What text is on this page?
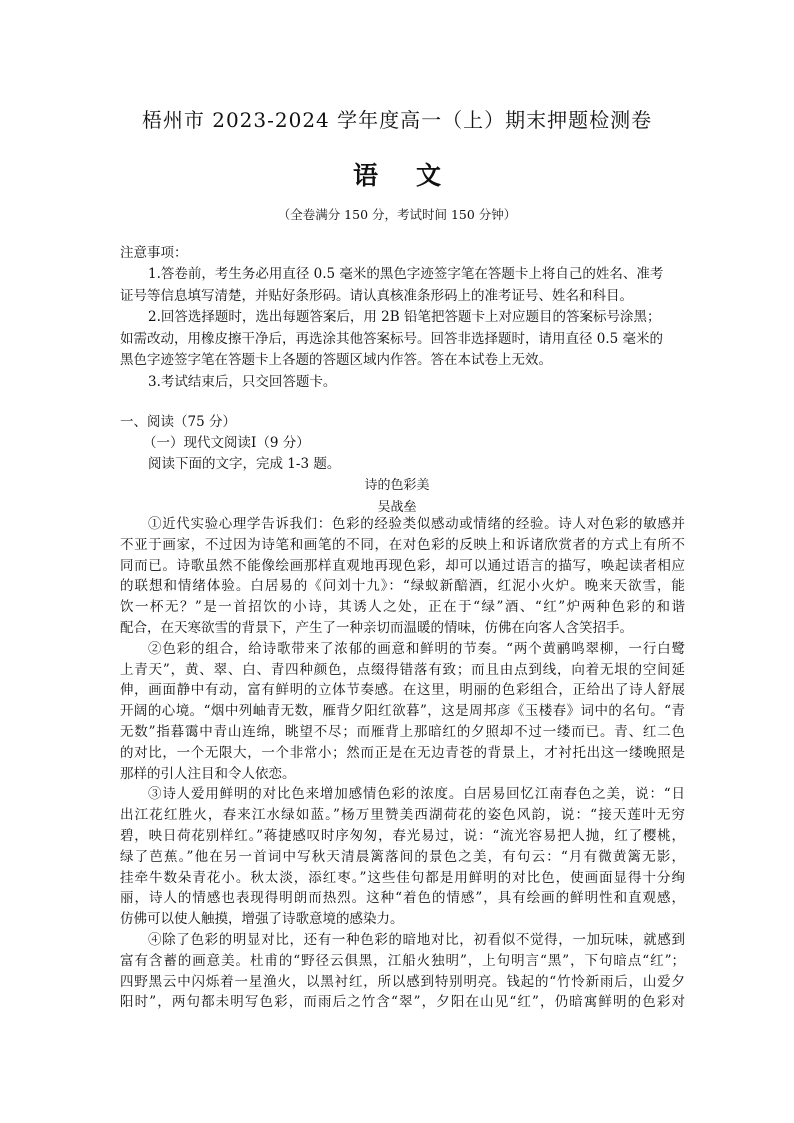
梧州市 2023-2024 学年度高一（上）期末押题检测卷
语 文
（全卷满分 150 分，考试时间 150 分钟）
注意事项：
1.答卷前，考生务必用直径 0.5 毫米的黑色字迹签字笔在答题卡上将自己的姓名、准考
证号等信息填写清楚，并贴好条形码。请认真核准条形码上的准考证号、姓名和科目。
2.回答选择题时，选出每题答案后，用 2B 铅笔把答题卡上对应题目的答案标号涂黑；
如需改动，用橡皮擦干净后，再选涂其他答案标号。回答非选择题时，请用直径 0.5 毫米的
黑色字迹签字笔在答题卡上各题的答题区域内作答。答在本试卷上无效。
3.考试结束后，只交回答题卡。
一、阅读（75 分）
（一）现代文阅读Ⅰ（9 分）
阅读下面的文字，完成 1-3 题。
诗的色彩美
吴战垒
①近代实验心理学告诉我们：色彩的经验类似感动或情绪的经验。诗人对色彩的敏感并
不亚于画家，不过因为诗笔和画笔的不同，在对色彩的反映上和诉诸欣赏者的方式上有所不
同而已。诗歌虽然不能像绘画那样直观地再现色彩，却可以通过语言的描写，唤起读者相应
的联想和情绪体验。白居易的《问刘十九》：“绿蚁新醅酒，红泥小火炉。晚来天欲雪，能
饮一杯无？”是一首招饮的小诗，其诱人之处，正在于“绿”酒、“红”炉两种色彩的和谐
配合，在天寒欲雪的背景下，产生了一种亲切而温暖的情味，仿佛在向客人含笑招手。
②色彩的组合，给诗歌带来了浓郁的画意和鲜明的节奏。“两个黄鹂鸣翠柳，一行白鹭
上青天”，黄、翠、白、青四种颜色，点缀得错落有致；而且由点到线，向着无垠的空间延
伸，画面静中有动，富有鲜明的立体节奏感。在这里，明丽的色彩组合，正给出了诗人舒展
开阔的心境。“烟中列岫青无数，雁背夕阳红欲暮”，这是周邦彦《玉楼春》词中的名句。“青
无数”指暮霭中青山连绵，眺望不尽；而雁背上那暗红的夕照却不过一缕而已。青、红二色
的对比，一个无限大，一个非常小；然而正是在无边青苍的背景上，才衬托出这一缕晚照是
那样的引人注目和令人依恋。
③诗人爱用鲜明的对比色来增加感情色彩的浓度。白居易回忆江南春色之美，说：“日
出江花红胜火，春来江水绿如蓝。”杨万里赞美西湖荷花的姿色风韵，说：“接天莲叶无穷
碧，映日荷花别样红。”蒋捷感叹时序匆匆，春光易过，说：“流光容易把人抛，红了樱桃，
绿了芭蕉。”他在另一首词中写秋天清晨篱落间的景色之美，有句云：“月有微黄篱无影，
挂牵牛数朵青花小。秋太淡，添红枣。”这些佳句都是用鲜明的对比色，使画面显得十分绚
丽，诗人的情感也表现得明朗而热烈。这种“着色的情感”，具有绘画的鲜明性和直观感，
仿佛可以使人触摸，增强了诗歌意境的感染力。
④除了色彩的明显对比，还有一种色彩的暗地对比，初看似不觉得，一加玩味，就感到
富有含蓄的画意美。杜甫的“野径云俱黑，江船火独明”，上句明言“黑”，下句暗点“红”；
四野黑云中闪烁着一星渔火，以黑衬红，所以感到特别明亮。钱起的“竹怜新雨后，山爱夕
阳时”，两句都未明写色彩，而雨后之竹含“翠”，夕阳在山见“红”，仍暗寓鲜明的色彩对
